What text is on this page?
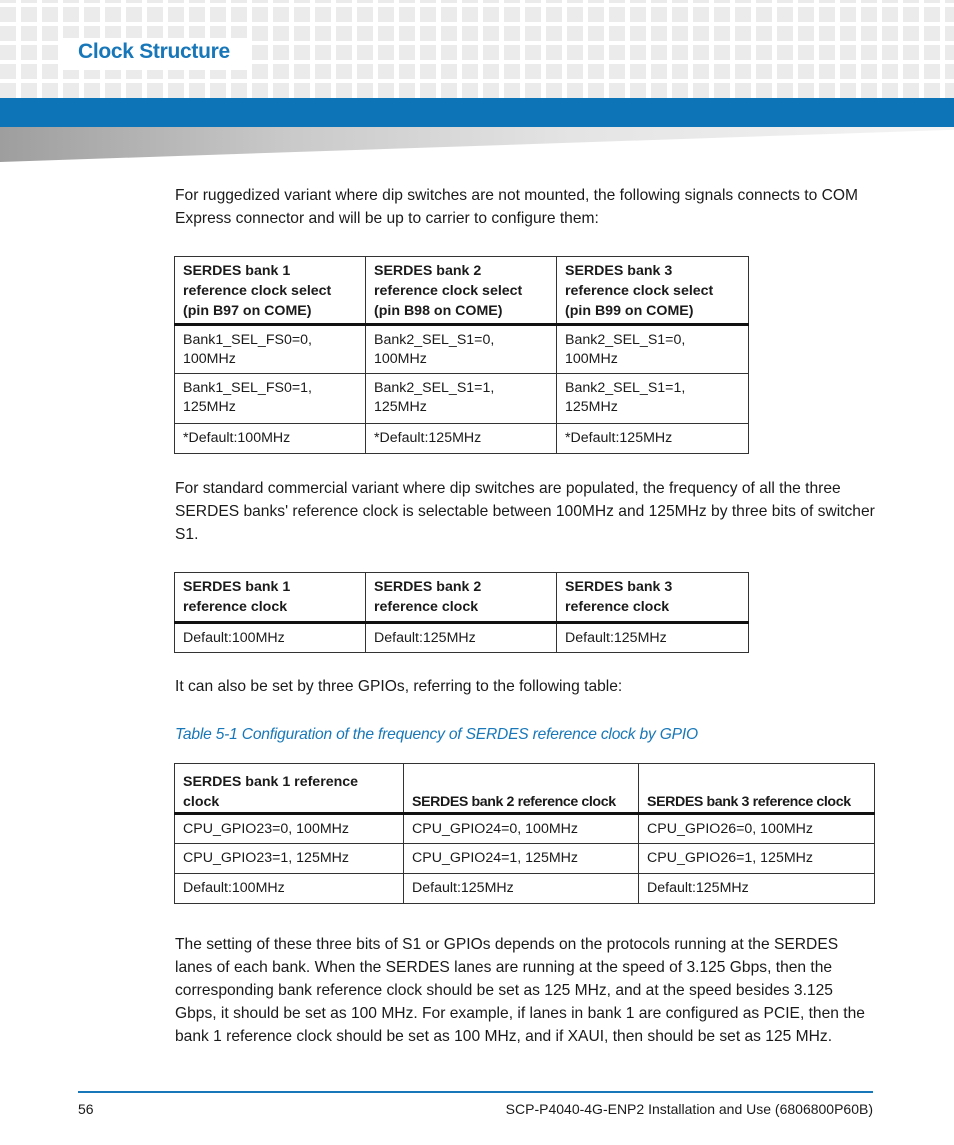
Clock Structure

For ruggedized variant where dip switches are not mounted, the following signals connects to COM Express connector and will be up to carrier to configure them:

SERDES bank 1 reference clock select (pin B97 on COME)	SERDES bank 2 reference clock select (pin B98 on COME)	SERDES bank 3 reference clock select (pin B99 on COME)
Bank1_SEL_FS0=0, 100MHz	Bank2_SEL_S1=0, 100MHz	Bank2_SEL_S1=0, 100MHz
Bank1_SEL_FS0=1, 125MHz	Bank2_SEL_S1=1, 125MHz	Bank2_SEL_S1=1, 125MHz
*Default:100MHz	*Default:125MHz	*Default:125MHz

For standard commercial variant where dip switches are populated, the frequency of all the three SERDES banks' reference clock is selectable between 100MHz and 125MHz by three bits of switcher S1.

SERDES bank 1 reference clock	SERDES bank 2 reference clock	SERDES bank 3 reference clock
Default:100MHz	Default:125MHz	Default:125MHz

It can also be set by three GPIOs, referring to the following table:

Table 5-1 Configuration of the frequency of SERDES reference clock by GPIO

SERDES bank 1 reference clock	SERDES bank 2 reference clock	SERDES bank 3 reference clock
CPU_GPIO23=0, 100MHz	CPU_GPIO24=0, 100MHz	CPU_GPIO26=0, 100MHz
CPU_GPIO23=1, 125MHz	CPU_GPIO24=1, 125MHz	CPU_GPIO26=1, 125MHz
Default:100MHz	Default:125MHz	Default:125MHz

The setting of these three bits of S1 or GPIOs depends on the protocols running at the SERDES lanes of each bank. When the SERDES lanes are running at the speed of 3.125 Gbps, then the corresponding bank reference clock should be set as 125 MHz, and at the speed besides 3.125 Gbps, it should be set as 100 MHz. For example, if lanes in bank 1 are configured as PCIE, then the bank 1 reference clock should be set as 100 MHz, and if XAUI, then should be set as 125 MHz.

56	SCP-P4040-4G-ENP2 Installation and Use (6806800P60B)
